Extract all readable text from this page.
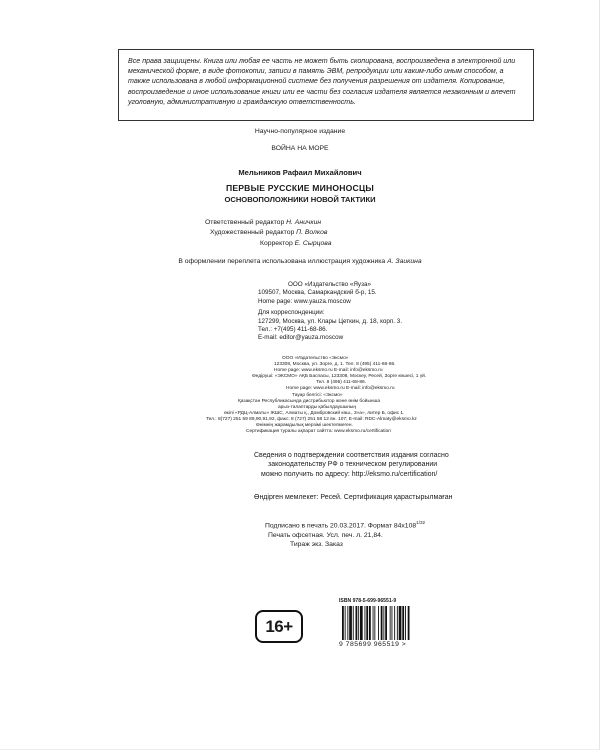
Все права защищены. Книга или любая ее часть не может быть скопирована, воспроизведена в электронной или механической форме, в виде фотокопии, записи в память ЭВМ, репродукции или каким-либо иным способом, а также использована в любой информационной системе без получения разрешения от издателя. Копирование, воспроизведение и иное использование книги или ее части без согласия издателя является незаконным и влечет уголовную, административную и гражданскую ответственность.

Научно-популярное издание
ВОЙНА НА МОРЕ
Мельников Рафаил Михайлович
ПЕРВЫЕ РУССКИЕ МИНОНОСЦЫ
ОСНОВОПОЛОЖНИКИ НОВОЙ ТАКТИКИ
Ответственный редактор Н. Аничкин
Художественный редактор П. Волков
Корректор Е. Сырцова
В оформлении переплета использована иллюстрация художника А. Заикина
ООО «Издательство «Яуза»
109507, Москва, Самаркандский б-р, 15.
Home page: www.yauza.moscow
Для корреспонденции:
127299, Москва, ул. Клары Цеткин, д. 18, корп. 3.
Тел.: +7(495) 411-68-86.
E-mail: editor@yauza.moscow
ООО «Издательство «Эксмо»
123308, Москва, ул. Зорге, д. 1. Тел. 8 (495) 411-68-86.
Home page: www.eksmo.ru E-mail: info@eksmo.ru
Өндіруші: «ЭКСМО» АҚБ Баспасы, 123308, Мәскеу, Ресей, Зорге көшесі, 1 үй.
Тел. 8 (495) 411-68-86.
Home page: www.eksmo.ru E-mail: info@eksmo.ru
Тауар белгісі: «Эксмо»
Қазақстан Республикасында дистрибьютор және өнім бойынша
арыз-талаптарды қабылдаушының
өкілі «РДЦ-Алматы» ЖШС, Алматы қ., Домбровский көш., 3«а», литер Б, офис 1.
Тел.: 8(727) 251 59 89,90,91,92, факс: 8 (727) 251 58 12 вн. 107; E-mail: RDC-Almaty@eksmo.kz
Өнімнің жарамдылық мерзімі шектелмеген.
Сертификация туралы ақпарат сайтта: www.eksmo.ru/certification
Сведения о подтверждении соответствия издания согласно
законодательству РФ о техническом регулировании
можно получить по адресу: http://eksmo.ru/certification/
Өндірген мемлекет: Ресей. Сертификация қарастырылмаған
Подписано в печать 20.03.2017. Формат $84x108^{1/32}$
Печать офсетная. Усл. печ. л. 21,84.
Тираж экз. Заказ
16+
ISBN 978-5-699-96551-9
9 785699 965519 >
